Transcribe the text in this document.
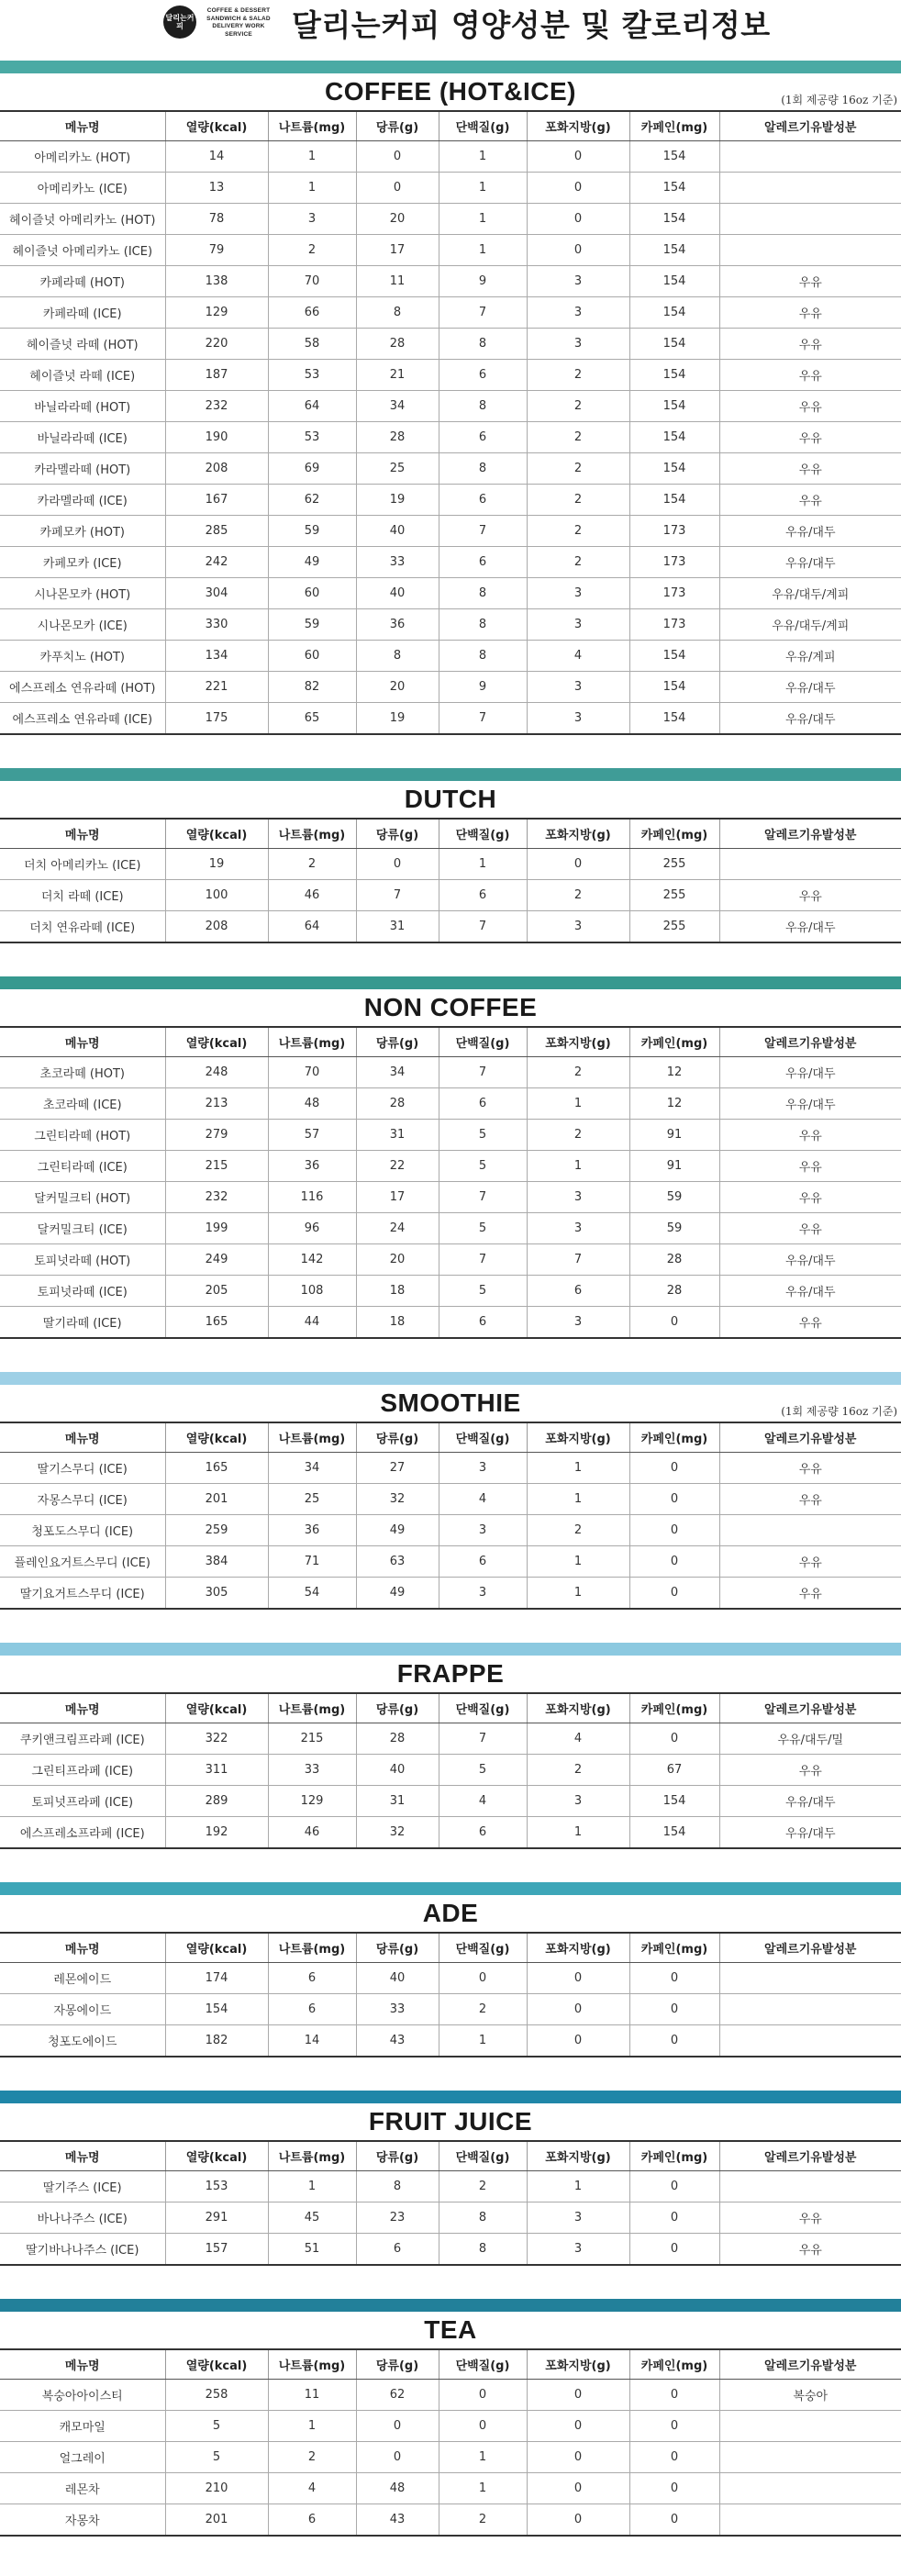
달리는커피
COFFEE & DESSERT
SANDWICH & SALAD
DELIVERY WORK SERVICE	달리는커피 영양성분 및 칼로리정보
COFFEE (HOT&ICE)	(1회 제공량 16oz 기준)
메뉴명	열량(kcal)	나트륨(mg)	당류(g)	단백질(g)	포화지방(g)	카페인(mg)	알레르기유발성분
아메리카노 (HOT)	14	1	0	1	0	154	
아메리카노 (ICE)	13	1	0	1	0	154	
헤이즐넛 아메리카노 (HOT)	78	3	20	1	0	154	
헤이즐넛 아메리카노 (ICE)	79	2	17	1	0	154	
카페라떼 (HOT)	138	70	11	9	3	154	우유
카페라떼 (ICE)	129	66	8	7	3	154	우유
헤이즐넛 라떼 (HOT)	220	58	28	8	3	154	우유
헤이즐넛 라떼 (ICE)	187	53	21	6	2	154	우유
바닐라라떼 (HOT)	232	64	34	8	2	154	우유
바닐라라떼 (ICE)	190	53	28	6	2	154	우유
카라멜라떼 (HOT)	208	69	25	8	2	154	우유
카라멜라떼 (ICE)	167	62	19	6	2	154	우유
카페모카 (HOT)	285	59	40	7	2	173	우유/대두
카페모카 (ICE)	242	49	33	6	2	173	우유/대두
시나몬모카 (HOT)	304	60	40	8	3	173	우유/대두/계피
시나몬모카 (ICE)	330	59	36	8	3	173	우유/대두/계피
카푸치노 (HOT)	134	60	8	8	4	154	우유/계피
에스프레소 연유라떼 (HOT)	221	82	20	9	3	154	우유/대두
에스프레소 연유라떼 (ICE)	175	65	19	7	3	154	우유/대두
DUTCH
메뉴명	열량(kcal)	나트륨(mg)	당류(g)	단백질(g)	포화지방(g)	카페인(mg)	알레르기유발성분
더치 아메리카노 (ICE)	19	2	0	1	0	255	
더치 라떼 (ICE)	100	46	7	6	2	255	우유
더치 연유라떼 (ICE)	208	64	31	7	3	255	우유/대두
NON COFFEE
메뉴명	열량(kcal)	나트륨(mg)	당류(g)	단백질(g)	포화지방(g)	카페인(mg)	알레르기유발성분
초코라떼 (HOT)	248	70	34	7	2	12	우유/대두
초코라떼 (ICE)	213	48	28	6	1	12	우유/대두
그린티라떼 (HOT)	279	57	31	5	2	91	우유
그린티라떼 (ICE)	215	36	22	5	1	91	우유
달커밀크티 (HOT)	232	116	17	7	3	59	우유
달커밀크티 (ICE)	199	96	24	5	3	59	우유
토피넛라떼 (HOT)	249	142	20	7	7	28	우유/대두
토피넛라떼 (ICE)	205	108	18	5	6	28	우유/대두
딸기라떼 (ICE)	165	44	18	6	3	0	우유
SMOOTHIE	(1회 제공량 16oz 기준)
메뉴명	열량(kcal)	나트륨(mg)	당류(g)	단백질(g)	포화지방(g)	카페인(mg)	알레르기유발성분
딸기스무디 (ICE)	165	34	27	3	1	0	우유
자몽스무디 (ICE)	201	25	32	4	1	0	우유
청포도스무디 (ICE)	259	36	49	3	2	0	
플레인요거트스무디 (ICE)	384	71	63	6	1	0	우유
딸기요거트스무디 (ICE)	305	54	49	3	1	0	우유
FRAPPE
메뉴명	열량(kcal)	나트륨(mg)	당류(g)	단백질(g)	포화지방(g)	카페인(mg)	알레르기유발성분
쿠키앤크림프라페 (ICE)	322	215	28	7	4	0	우유/대두/밀
그린티프라페 (ICE)	311	33	40	5	2	67	우유
토피넛프라페 (ICE)	289	129	31	4	3	154	우유/대두
에스프레소프라페 (ICE)	192	46	32	6	1	154	우유/대두
ADE
메뉴명	열량(kcal)	나트륨(mg)	당류(g)	단백질(g)	포화지방(g)	카페인(mg)	알레르기유발성분
레몬에이드	174	6	40	0	0	0	
자몽에이드	154	6	33	2	0	0	
청포도에이드	182	14	43	1	0	0	
FRUIT JUICE
메뉴명	열량(kcal)	나트륨(mg)	당류(g)	단백질(g)	포화지방(g)	카페인(mg)	알레르기유발성분
딸기주스 (ICE)	153	1	8	2	1	0	
바나나주스 (ICE)	291	45	23	8	3	0	우유
딸기바나나주스 (ICE)	157	51	6	8	3	0	우유
TEA
메뉴명	열량(kcal)	나트륨(mg)	당류(g)	단백질(g)	포화지방(g)	카페인(mg)	알레르기유발성분
복숭아아이스티	258	11	62	0	0	0	복숭아
캐모마일	5	1	0	0	0	0	
얼그레이	5	2	0	1	0	0	
레몬차	210	4	48	1	0	0	
자몽차	201	6	43	2	0	0	
